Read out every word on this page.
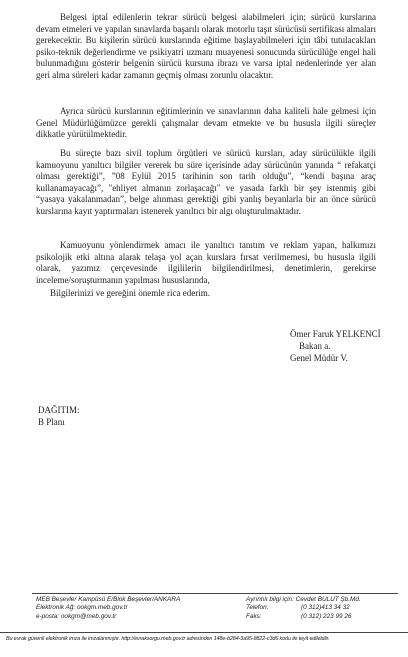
Belgesi iptal edilenlerin tekrar sürücü belgesi alabilmeleri için; sürücü kurslarına devam etmeleri ve yapılan sınavlarda başarılı olarak motorlu taşıt sürücüsü sertifikası almaları gerekecektir. Bu kişilerin sürücü kurslarında eğitime başlayabilmeleri için tâbi tutulacakları psiko-teknik değerlendirme ve psikiyatri uzmanı muayenesi sonucunda sürücülüğe engel hali bulunmadığını gösterir belgenin sürücü kursuna ibrazı ve varsa iptal nedenlerinde yer alan geri alma süreleri kadar zamanın geçmiş olması zorunlu olacaktır.

Ayrıca sürücü kurslarının eğitimlerinin ve sınavlarının daha kaliteli hale gelmesi için Genel Müdürlüğümüzce gerekli çalışmalar devam etmekte ve bu hususla ilgili süreçler dikkatle yürütülmektedir.

Bu süreçte bazı sivil toplum örgütleri ve sürücü kursları, aday sürücülükle ilgili kamuoyunu yanıltıcı bilgiler vererek bu süre içerisinde aday sürücünün yanında “ refakatçi olması gerektiği”, ”08 Eylül 2015 tarihinin son tarih olduğu”, “kendi başına araç kullanamayacağı”, "ehliyet almanın zorlaşacağı" ve yasada farklı bir şey istenmiş gibi “yasaya yakalanmadan”, belge alınması gerektiği gibi yanlış beyanlarla bir an önce sürücü kurslarına kayıt yaptırmaları istenerek yanıltıcı bir algı oluşturulmaktadır.

Kamuoyunu yönlendirmek amacı ile yanıltıcı tanıtım ve reklam yapan, halkımızı psikolojik etki altına alarak telaşa yol açan kurslara fırsat verilmemesi, bu hususla ilgili olarak, yazımız çerçevesinde ilgililerin bilgilendirilmesi, denetimlerin, gerekirse inceleme/soruşturmanın yapılması hususlarında,

Bilgilerinizi ve gereğini önemle rica ederim.

Ömer Faruk YELKENCİ
Bakan a.
Genel Müdür V.
DAĞITIM:
B Planı
MEB Beşevler Kampüsü E/Blok Beşevler/ANKARA
Elektronik Ağ: ookgm.meb.gov.tr
e-posta: ookgm@meb.gov.tr
Ayrıntılı bilgi için: Cevdet BULUT Şb.Md.
Telefon:	(0 312)413 34 32
Faks:	(0 312) 223 99 26
Bu evrak güvenli elektronik imza ile imzalanmıştır. http://evraksorgu.meb.gov.tr adresinden 148e-b284-3a95-8822-c3d6 kodu ile teyit edilebilir.
